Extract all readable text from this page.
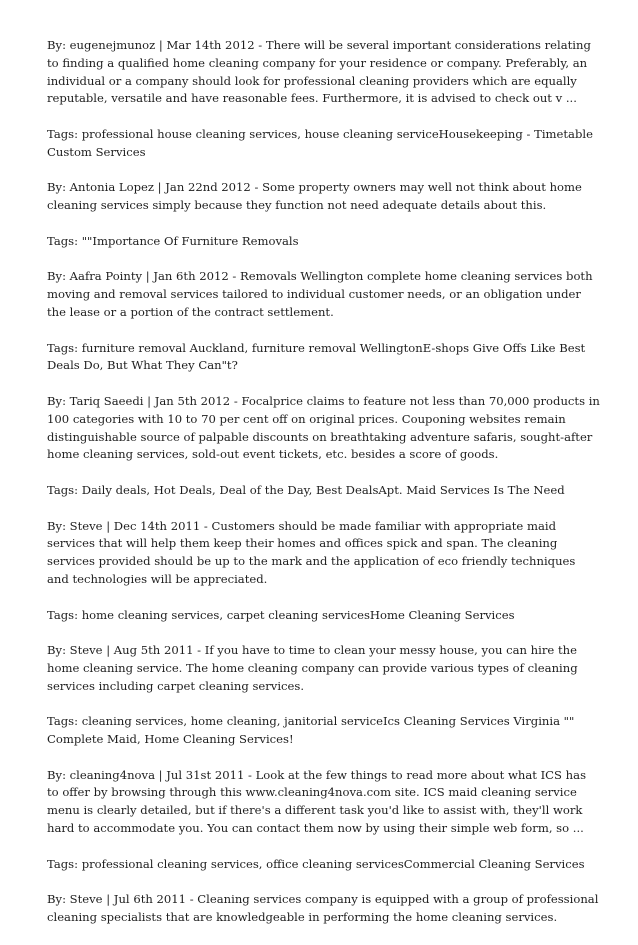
By: eugenejmunoz | Mar 14th 2012 - There will be several important considerations relating to finding a qualified home cleaning company for your residence or company. Preferably, an individual or a company should look for professional cleaning providers which are equally reputable, versatile and have reasonable fees. Furthermore, it is advised to check out v ...

Tags: professional house cleaning services, house cleaning serviceHousekeeping - Timetable Custom Services

By: Antonia Lopez | Jan 22nd 2012 - Some property owners may well not think about home cleaning services simply because they function not need adequate details about this.

Tags: ""Importance Of Furniture Removals

By: Aafra Pointy | Jan 6th 2012 - Removals Wellington complete home cleaning services both moving and removal services tailored to individual customer needs, or an obligation under the lease or a portion of the contract settlement.

Tags: furniture removal Auckland, furniture removal WellingtonE-shops Give Offs Like Best Deals Do, But What They Can"t?

By: Tariq Saeedi | Jan 5th 2012 - Focalprice claims to feature not less than 70,000 products in 100 categories with 10 to 70 per cent off on original prices. Couponing websites remain distinguishable source of palpable discounts on breathtaking adventure safaris, sought-after home cleaning services, sold-out event tickets, etc. besides a score of goods.

Tags: Daily deals, Hot Deals, Deal of the Day, Best DealsApt. Maid Services Is The Need

By: Steve | Dec 14th 2011 - Customers should be made familiar with appropriate maid services that will help them keep their homes and offices spick and span. The cleaning services provided should be up to the mark and the application of eco friendly techniques and technologies will be appreciated.

Tags: home cleaning services, carpet cleaning servicesHome Cleaning Services

By: Steve | Aug 5th 2011 - If you have to time to clean your messy house, you can hire the home cleaning service. The home cleaning company can provide various types of cleaning services including carpet cleaning services.

Tags: cleaning services, home cleaning, janitorial serviceIcs Cleaning Services Virginia "" Complete Maid, Home Cleaning Services!

By: cleaning4nova | Jul 31st 2011 - Look at the few things to read more about what ICS has to offer by browsing through this www.cleaning4nova.com site. ICS maid cleaning service menu is clearly detailed, but if there's a different task you'd like to assist with, they'll work hard to accommodate you. You can contact them now by using their simple web form, so ...

Tags: professional cleaning services, office cleaning servicesCommercial Cleaning Services

By: Steve | Jul 6th 2011 - Cleaning services company is equipped with a group of professional cleaning specialists that are knowledgeable in performing the home cleaning services.
